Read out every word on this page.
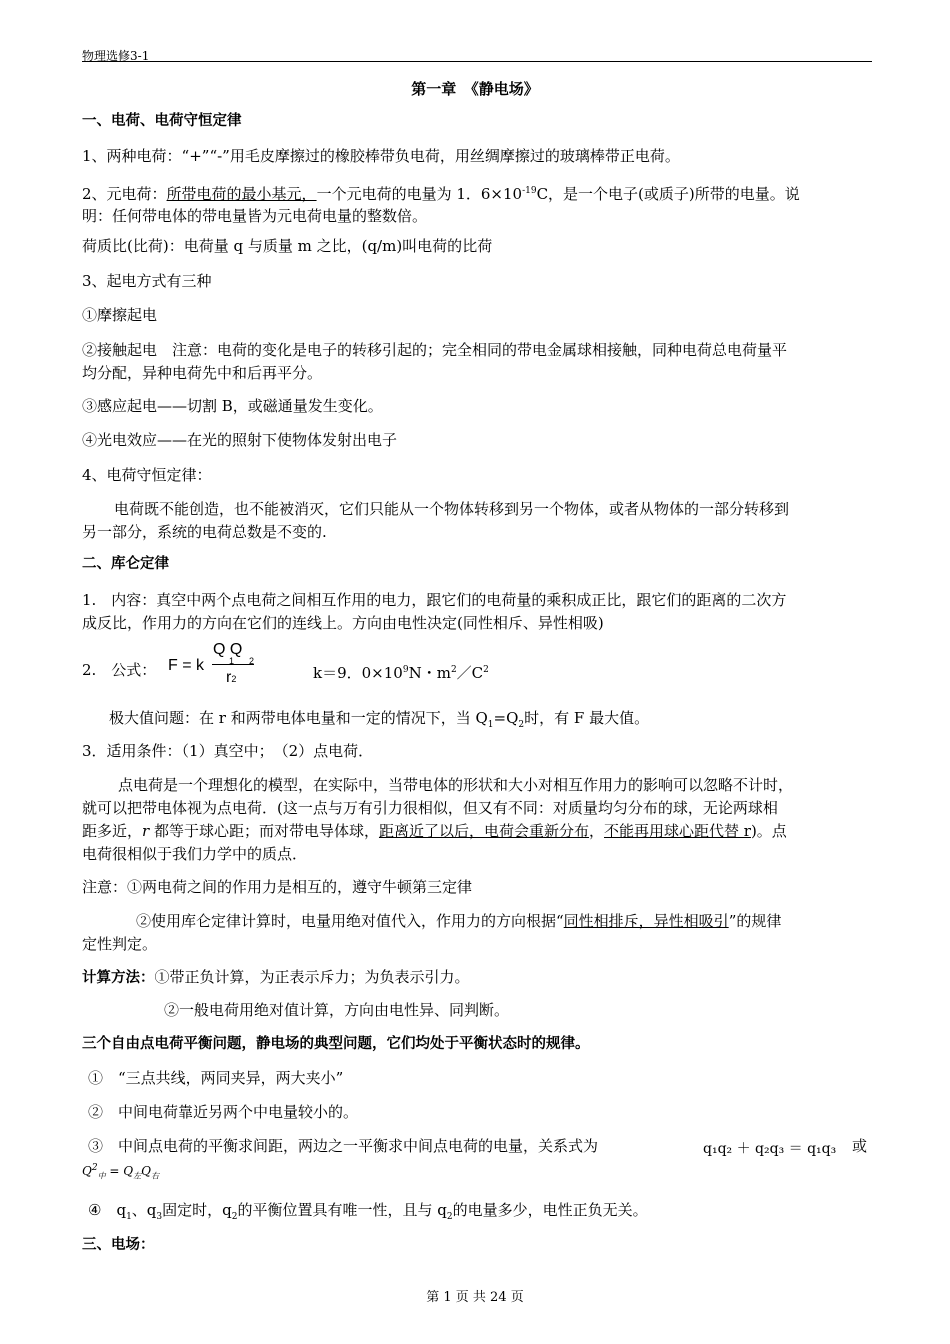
物理选修3-1
第一章　《静电场》
一、电荷、电荷守恒定律
1、两种电荷：“+”“-”用毛皮摩擦过的橡胶棒带负电荷，用丝绸摩擦过的玻璃棒带正电荷。
2、元电荷：所带电荷的最小基元，一个元电荷的电量为 1．$6\times 10^{-19}C$，是一个电子(或质子)所带的电量。说
明：任何带电体的带电量皆为元电荷电量的整数倍。
荷质比(比荷)：电荷量 q 与质量 m 之比，(q/m)叫电荷的比荷
3、起电方式有三种
①摩擦起电
②接触起电　注意：电荷的变化是电子的转移引起的；完全相同的带电金属球相接触，同种电荷总电荷量平
均分配，异种电荷先中和后再平分。
③感应起电——切割 B，或磁通量发生变化。
④光电效应——在光的照射下使物体发射出电子
4、电荷守恒定律：
电荷既不能创造，也不能被消灭，它们只能从一个物体转移到另一个物体，或者从物体的一部分转移到
另一部分，系统的电荷总数是不变的.
二、库仑定律
1.　内容：真空中两个点电荷之间相互作用的电力，跟它们的电荷量的乘积成正比，跟它们的距离的二次方
成反比，作用力的方向在它们的连线上。方向由电性决定(同性相斥、异性相吸)
2.　公式： F = k
Q Q
1 2
r2	k＝9．$0\times 10^9N$・$m^2/C^2$
极大值问题：在 r 和两带电体电量和一定的情况下，当 $Q_1=Q_2$时，有 F 最大值。
3．适用条件：（1）真空中；　（2）点电荷．
点电荷是一个理想化的模型，在实际中，当带电体的形状和大小对相互作用力的影响可以忽略不计时，
就可以把带电体视为点电荷．(这一点与万有引力很相似，但又有不同：对质量均匀分布的球，无论两球相
距多近，r 都等于球心距；而对带电导体球，距离近了以后，电荷会重新分布，不能再用球心距代替 r)。点
电荷很相似于我们力学中的质点．
注意：①两电荷之间的作用力是相互的，遵守牛顿第三定律
②使用库仑定律计算时，电量用绝对值代入，作用力的方向根据“同性相排斥，异性相吸引”的规律
定性判定。
计算方法：①带正负计算，为正表示斥力；为负表示引力。
②一般电荷用绝对值计算，方向由电性异、同判断。
三个自由点电荷平衡问题，静电场的典型问题，它们均处于平衡状态时的规律。
①　“三点共线，两同夹异，两大夹小”
②　中间电荷靠近另两个中电量较小的。
③　中间点电荷的平衡求间距，两边之一平衡求中间点电荷的电量，关系式为	q₁q₂ ＋ q₂q₃ ＝ q₁q₃ 或
$Q^2_中 = Q_左Q_右$
④　$q_1$、$q_3$固定时，$q_2$的平衡位置具有唯一性，且与 $q_2$的电量多少，电性正负无关。
三、电场：
第 1 页 共 24 页
